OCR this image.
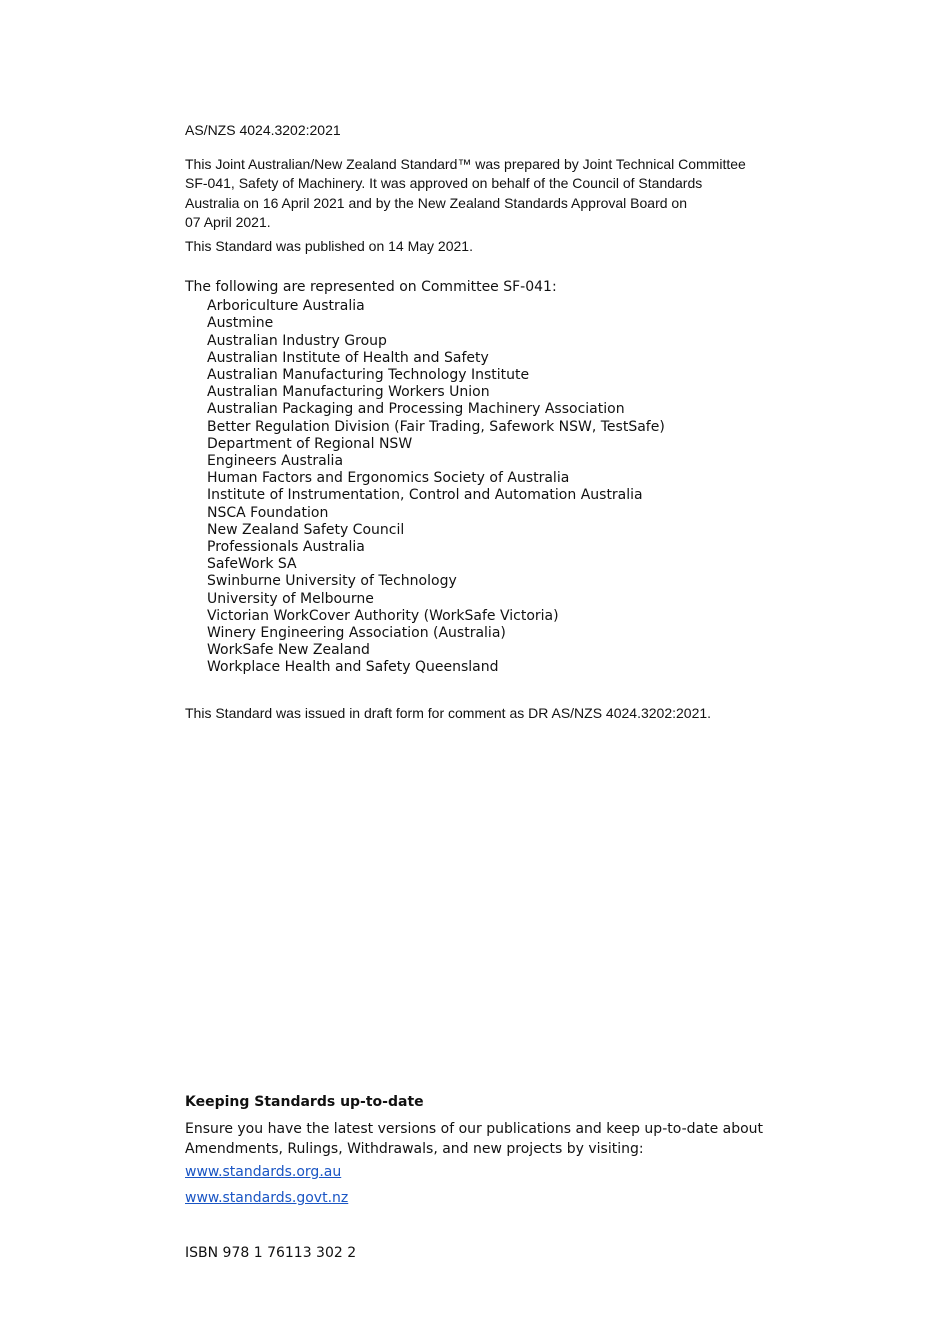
AS/NZS 4024.3202:2021
This Joint Australian/New Zealand Standard™ was prepared by Joint Technical Committee
SF-041, Safety of Machinery. It was approved on behalf of the Council of Standards
Australia on 16 April 2021 and by the New Zealand Standards Approval Board on
07 April 2021.
This Standard was published on 14 May 2021.
The following are represented on Committee SF-041:
Arboriculture Australia
Austmine
Australian Industry Group
Australian Institute of Health and Safety
Australian Manufacturing Technology Institute
Australian Manufacturing Workers Union
Australian Packaging and Processing Machinery Association
Better Regulation Division (Fair Trading, Safework NSW, TestSafe)
Department of Regional NSW
Engineers Australia
Human Factors and Ergonomics Society of Australia
Institute of Instrumentation, Control and Automation Australia
NSCA Foundation
New Zealand Safety Council
Professionals Australia
SafeWork SA
Swinburne University of Technology
University of Melbourne
Victorian WorkCover Authority (WorkSafe Victoria)
Winery Engineering Association (Australia)
WorkSafe New Zealand
Workplace Health and Safety Queensland
This Standard was issued in draft form for comment as DR AS/NZS 4024.3202:2021.
Keeping Standards up-to-date
Ensure you have the latest versions of our publications and keep up-to-date about
Amendments, Rulings, Withdrawals, and new projects by visiting:
www.standards.org.au
www.standards.govt.nz
ISBN 978 1 76113 302 2
